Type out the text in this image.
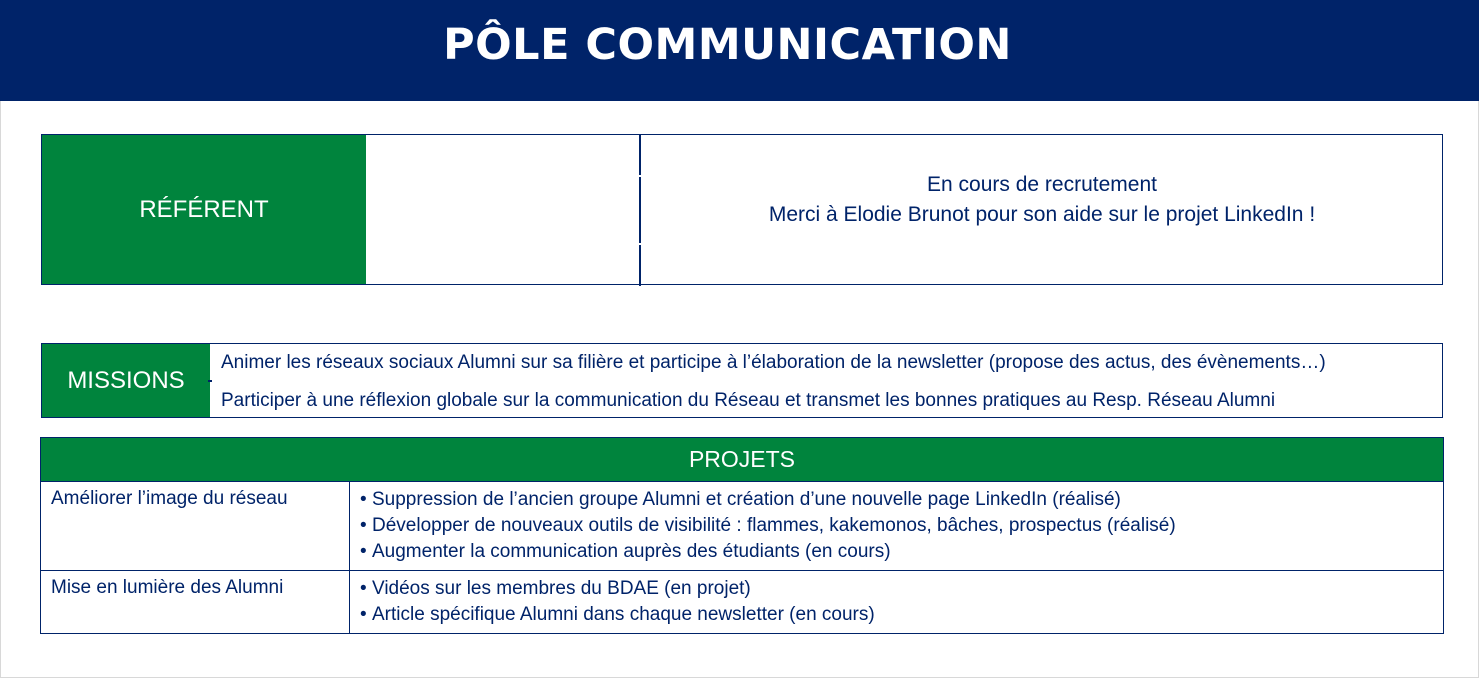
PÔLE COMMUNICATION
RÉFÉRENT
En cours de recrutement
Merci à Elodie Brunot pour son aide sur le projet LinkedIn !
MISSIONS
Animer les réseaux sociaux Alumni sur sa filière et participe à l’élaboration de la newsletter (propose des actus, des évènements…)
Participer à une réflexion globale sur la communication du Réseau et transmet les bonnes pratiques au Resp. Réseau Alumni
PROJETS
Améliorer l’image du réseau	• Suppression de l’ancien groupe Alumni et création d’une nouvelle page LinkedIn (réalisé)
• Développer de nouveaux outils de visibilité : flammes, kakemonos, bâches, prospectus (réalisé)
• Augmenter la communication auprès des étudiants (en cours)
Mise en lumière des Alumni	• Vidéos sur les membres du BDAE (en projet)
• Article spécifique Alumni dans chaque newsletter (en cours)
